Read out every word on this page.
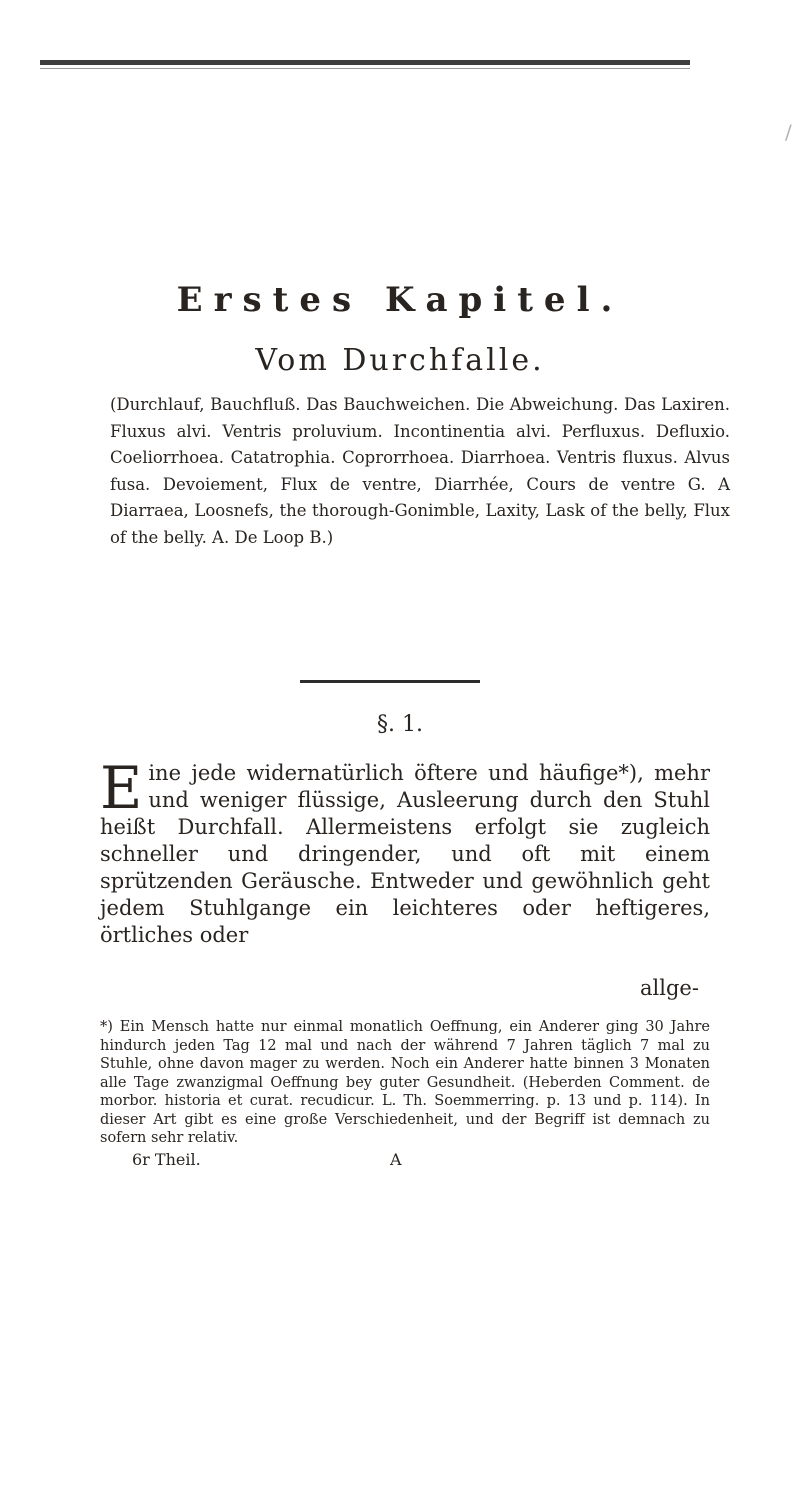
/
Erstes Kapitel.
Vom Durchfalle.
(Durchlauf, Bauchfluß. Das Bauchweichen. Die Abweichung. Das Laxiren. Fluxus alvi. Ventris proluvium. Incontinentia alvi. Perfluxus. Defluxio. Coeliorrhoea. Catatrophia. Coprorrhoea. Diarrhoea. Ventris fluxus. Alvus fusa. Devoiement, Flux de ventre, Diarrhée, Cours de ventre G. A Diarraea, Loosnefs, the thorough-Gonimble, Laxity, Lask of the belly, Flux of the belly. A. De Loop B.)
§. 1.
Eine jede widernatürlich öftere und häufige*), mehr und weniger flüssige, Ausleerung durch den Stuhl heißt Durchfall. Allermeistens erfolgt sie zugleich schneller und dringender, und oft mit einem sprützenden Geräusche. Entweder und gewöhnlich geht jedem Stuhlgange ein leichteres oder heftigeres, örtliches oder
allge-
*) Ein Mensch hatte nur einmal monatlich Oeffnung, ein Anderer ging 30 Jahre hindurch jeden Tag 12 mal und nach der während 7 Jahren täglich 7 mal zu Stuhle, ohne davon mager zu werden. Noch ein Anderer hatte binnen 3 Monaten alle Tage zwanzigmal Oeffnung bey guter Gesundheit. (Heberden Comment. de morbor. historia et curat. recudicur. L. Th. Soemmerring. p. 13 und p. 114). In dieser Art gibt es eine große Verschiedenheit, und der Begriff ist demnach zu sofern sehr relativ.
6r Theil.	A
